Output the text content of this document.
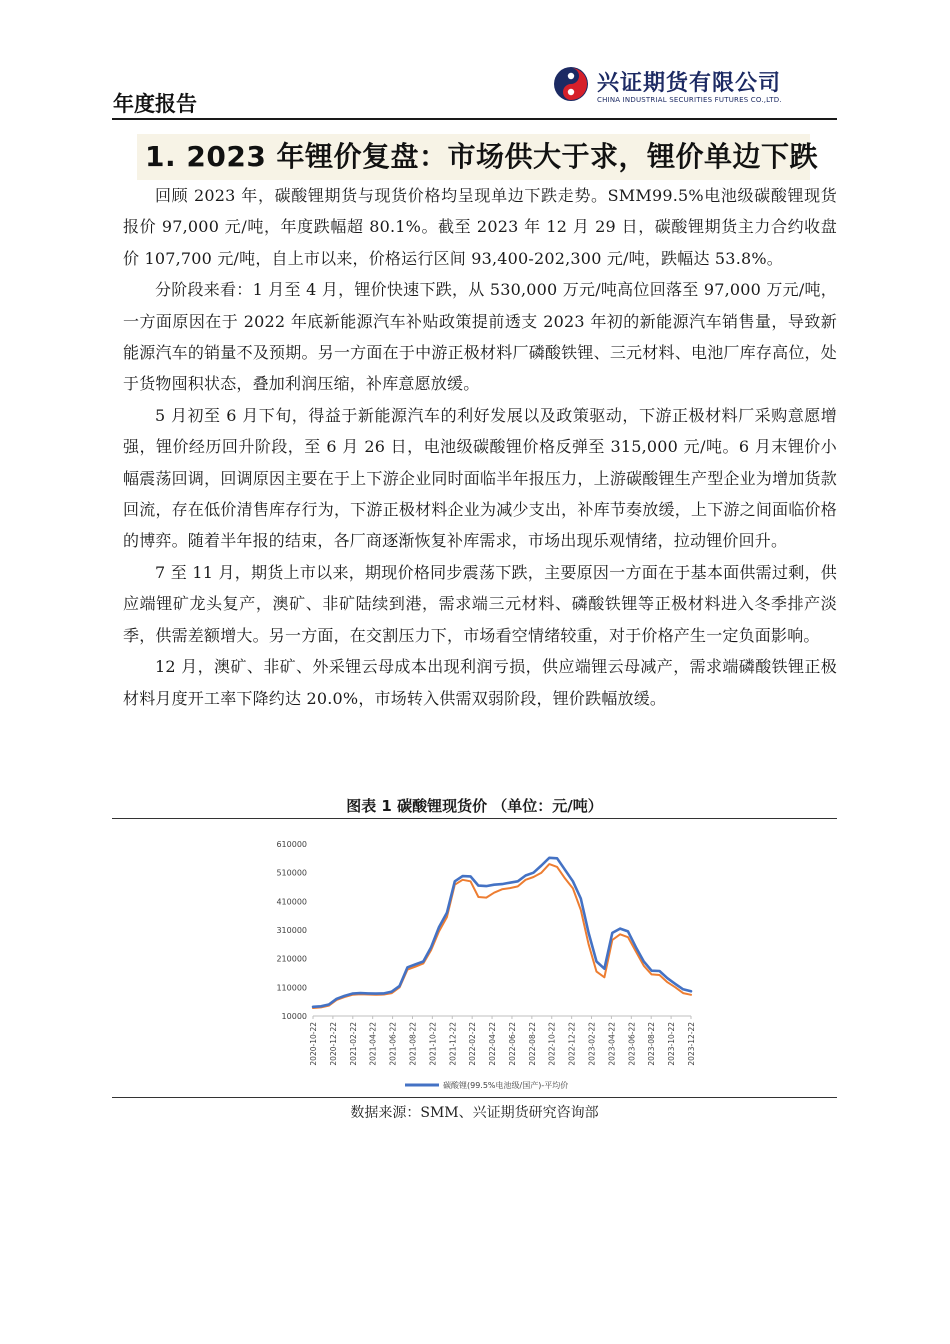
年度报告
兴证期货有限公司
CHINA INDUSTRIAL SECURITIES FUTURES CO.,LTD.
1. 2023 年锂价复盘：市场供大于求，锂价单边下跌

回顾 2023 年，碳酸锂期货与现货价格均呈现单边下跌走势。SMM99.5%电池级碳酸锂现货报价 97,000 元/吨，年度跌幅超 80.1%。截至 2023 年 12 月 29 日，碳酸锂期货主力合约收盘价 107,700 元/吨，自上市以来，价格运行区间 93,400-202,300 元/吨，跌幅达 53.8%。

分阶段来看：1 月至 4 月，锂价快速下跌，从 530,000 万元/吨高位回落至 97,000 万元/吨，一方面原因在于 2022 年底新能源汽车补贴政策提前透支 2023 年初的新能源汽车销售量，导致新能源汽车的销量不及预期。另一方面在于中游正极材料厂磷酸铁锂、三元材料、电池厂库存高位，处于货物囤积状态，叠加利润压缩，补库意愿放缓。

5 月初至 6 月下旬，得益于新能源汽车的利好发展以及政策驱动，下游正极材料厂采购意愿增强，锂价经历回升阶段，至 6 月 26 日，电池级碳酸锂价格反弹至 315,000 元/吨。6 月末锂价小幅震荡回调，回调原因主要在于上下游企业同时面临半年报压力，上游碳酸锂生产型企业为增加货款回流，存在低价清售库存行为，下游正极材料企业为减少支出，补库节奏放缓，上下游之间面临价格的博弈。随着半年报的结束，各厂商逐渐恢复补库需求，市场出现乐观情绪，拉动锂价回升。

7 至 11 月，期货上市以来，期现价格同步震荡下跌，主要原因一方面在于基本面供需过剩，供应端锂矿龙头复产，澳矿、非矿陆续到港，需求端三元材料、磷酸铁锂等正极材料进入冬季排产淡季，供需差额增大。另一方面，在交割压力下，市场看空情绪较重，对于价格产生一定负面影响。

12 月，澳矿、非矿、外采锂云母成本出现利润亏损，供应端锂云母减产，需求端磷酸铁锂正极材料月度开工率下降约达 20.0%，市场转入供需双弱阶段，锂价跌幅放缓。

图表 1 碳酸锂现货价 （单位：元/吨）
10000
110000
210000
310000
410000
510000
610000
2020-10-22 2020-12-22 2021-02-22 2021-04-22 2021-06-22 2021-08-22 2021-10-22 2021-12-22 2022-02-22 2022-04-22 2022-06-22 2022-08-22 2022-10-22 2022-12-22 2023-02-22 2023-04-22 2023-06-22 2023-08-22 2023-10-22 2023-12-22
碳酸锂(99.5%电池级/国产)-平均价
数据来源：SMM、兴证期货研究咨询部
